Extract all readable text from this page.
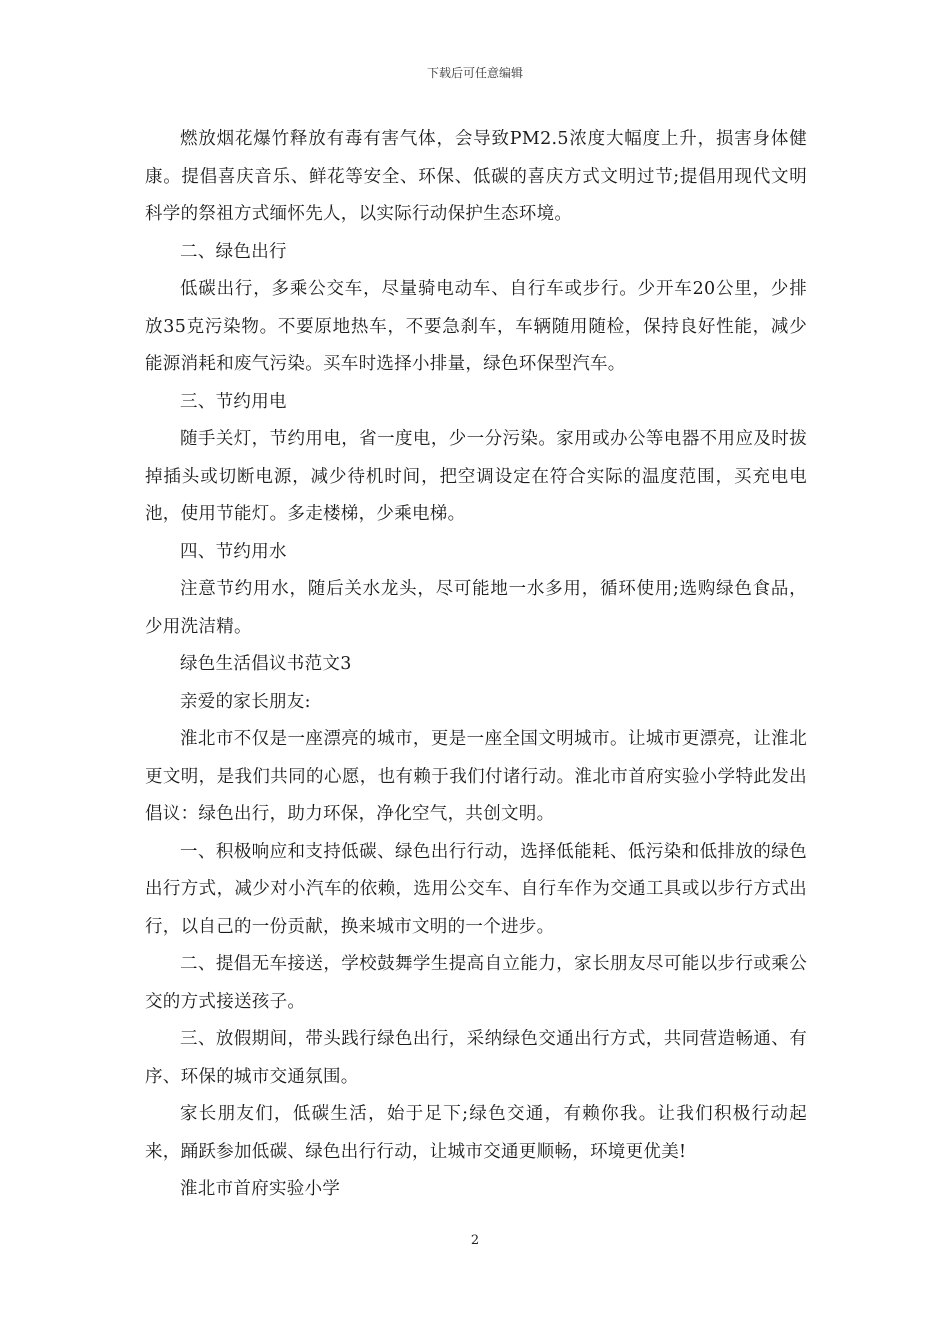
下载后可任意编辑

燃放烟花爆竹释放有毒有害气体，会导致PM2.5浓度大幅度上升，损害身体健康。提倡喜庆音乐、鲜花等安全、环保、低碳的喜庆方式文明过节;提倡用现代文明科学的祭祖方式缅怀先人，以实际行动保护生态环境。

二、绿色出行

低碳出行，多乘公交车，尽量骑电动车、自行车或步行。少开车20公里，少排放35克污染物。不要原地热车，不要急刹车，车辆随用随检，保持良好性能，减少能源消耗和废气污染。买车时选择小排量，绿色环保型汽车。

三、节约用电

随手关灯，节约用电，省一度电，少一分污染。家用或办公等电器不用应及时拔掉插头或切断电源，减少待机时间，把空调设定在符合实际的温度范围，买充电电池，使用节能灯。多走楼梯，少乘电梯。

四、节约用水

注意节约用水，随后关水龙头，尽可能地一水多用，循环使用;选购绿色食品，少用洗洁精。

绿色生活倡议书范文3

亲爱的家长朋友:

淮北市不仅是一座漂亮的城市，更是一座全国文明城市。让城市更漂亮，让淮北更文明，是我们共同的心愿，也有赖于我们付诸行动。淮北市首府实验小学特此发出倡议：绿色出行，助力环保，净化空气，共创文明。

一、积极响应和支持低碳、绿色出行行动，选择低能耗、低污染和低排放的绿色出行方式，减少对小汽车的依赖，选用公交车、自行车作为交通工具或以步行方式出行，以自己的一份贡献，换来城市文明的一个进步。

二、提倡无车接送，学校鼓舞学生提高自立能力，家长朋友尽可能以步行或乘公交的方式接送孩子。

三、放假期间，带头践行绿色出行，采纳绿色交通出行方式，共同营造畅通、有序、环保的城市交通氛围。

家长朋友们，低碳生活，始于足下;绿色交通，有赖你我。让我们积极行动起来，踊跃参加低碳、绿色出行行动，让城市交通更顺畅，环境更优美!

淮北市首府实验小学

2
